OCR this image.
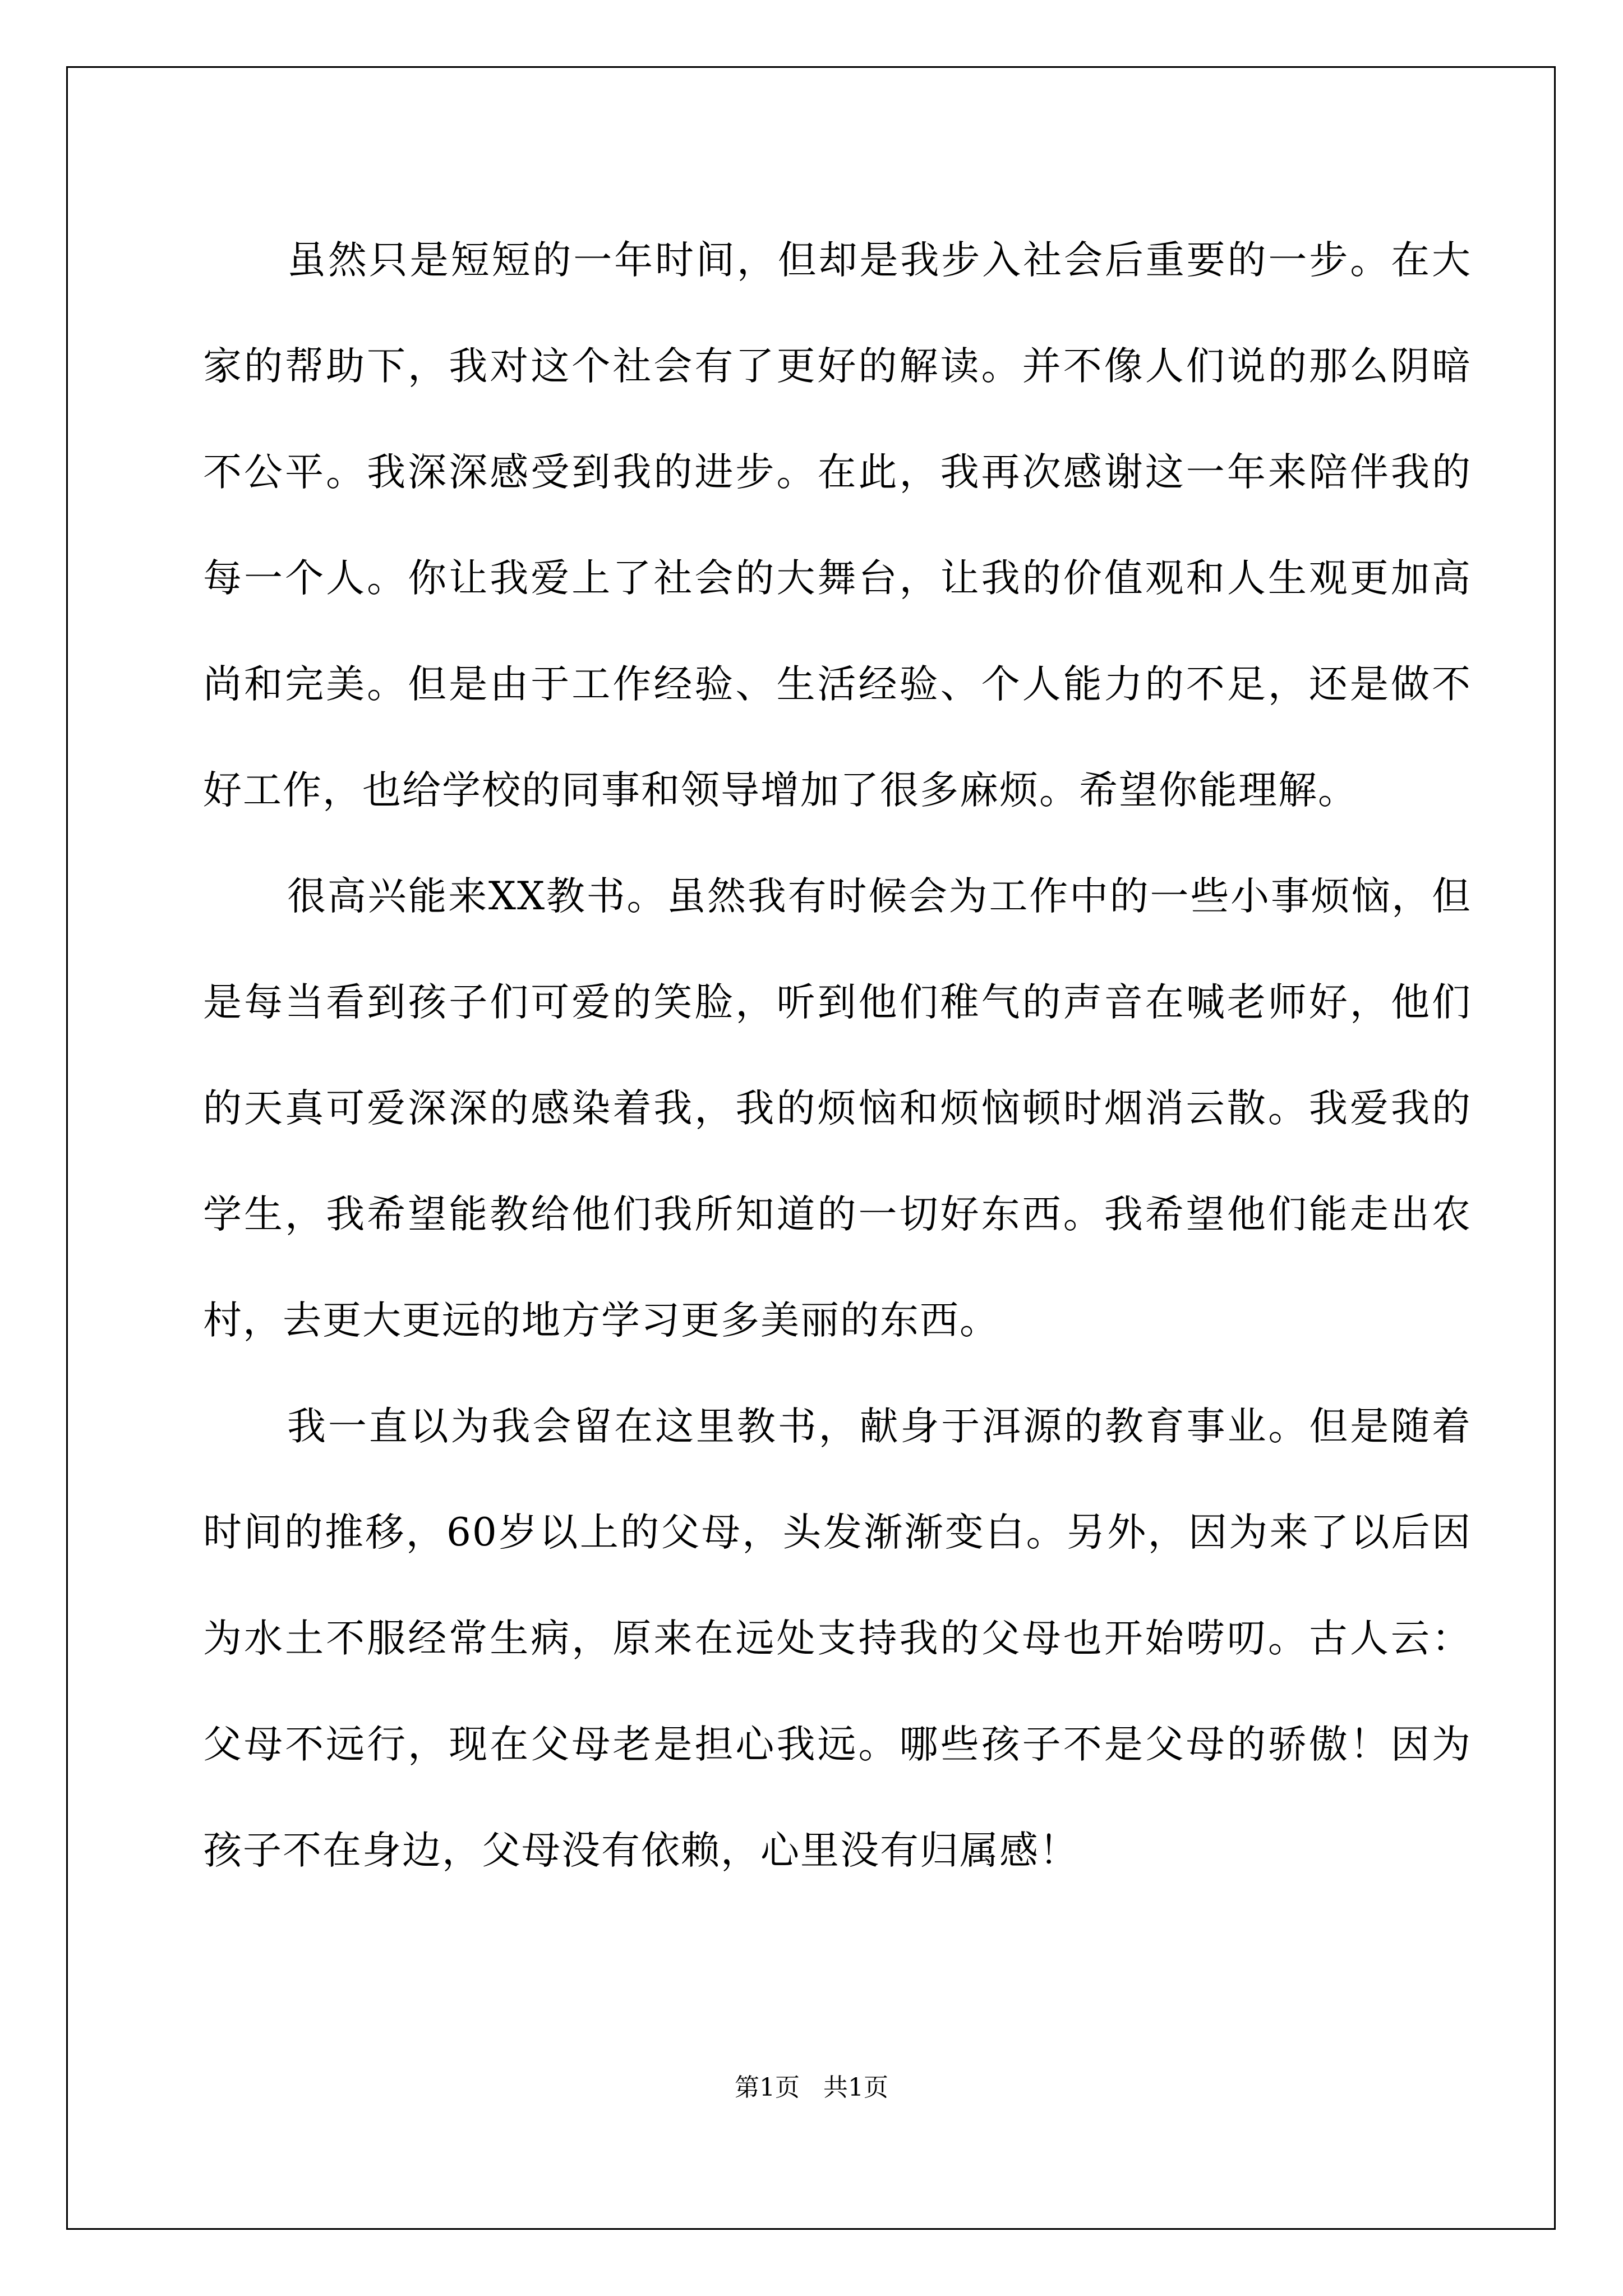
虽然只是短短的一年时间，但却是我步入社会后重要的一步。在大家的帮助下，我对这个社会有了更好的解读。并不像人们说的那么阴暗不公平。我深深感受到我的进步。在此，我再次感谢这一年来陪伴我的每一个人。你让我爱上了社会的大舞台，让我的价值观和人生观更加高尚和完美。但是由于工作经验、生活经验、个人能力的不足，还是做不好工作，也给学校的同事和领导增加了很多麻烦。希望你能理解。

很高兴能来XX教书。虽然我有时候会为工作中的一些小事烦恼，但是每当看到孩子们可爱的笑脸，听到他们稚气的声音在喊老师好，他们的天真可爱深深的感染着我，我的烦恼和烦恼顿时烟消云散。我爱我的学生，我希望能教给他们我所知道的一切好东西。我希望他们能走出农村，去更大更远的地方学习更多美丽的东西。

我一直以为我会留在这里教书，献身于洱源的教育事业。但是随着时间的推移，60岁以上的父母，头发渐渐变白。另外，因为来了以后因为水土不服经常生病，原来在远处支持我的父母也开始唠叨。古人云：父母不远行，现在父母老是担心我远。哪些孩子不是父母的骄傲！因为孩子不在身边，父母没有依赖，心里没有归属感！

第1页   共1页
